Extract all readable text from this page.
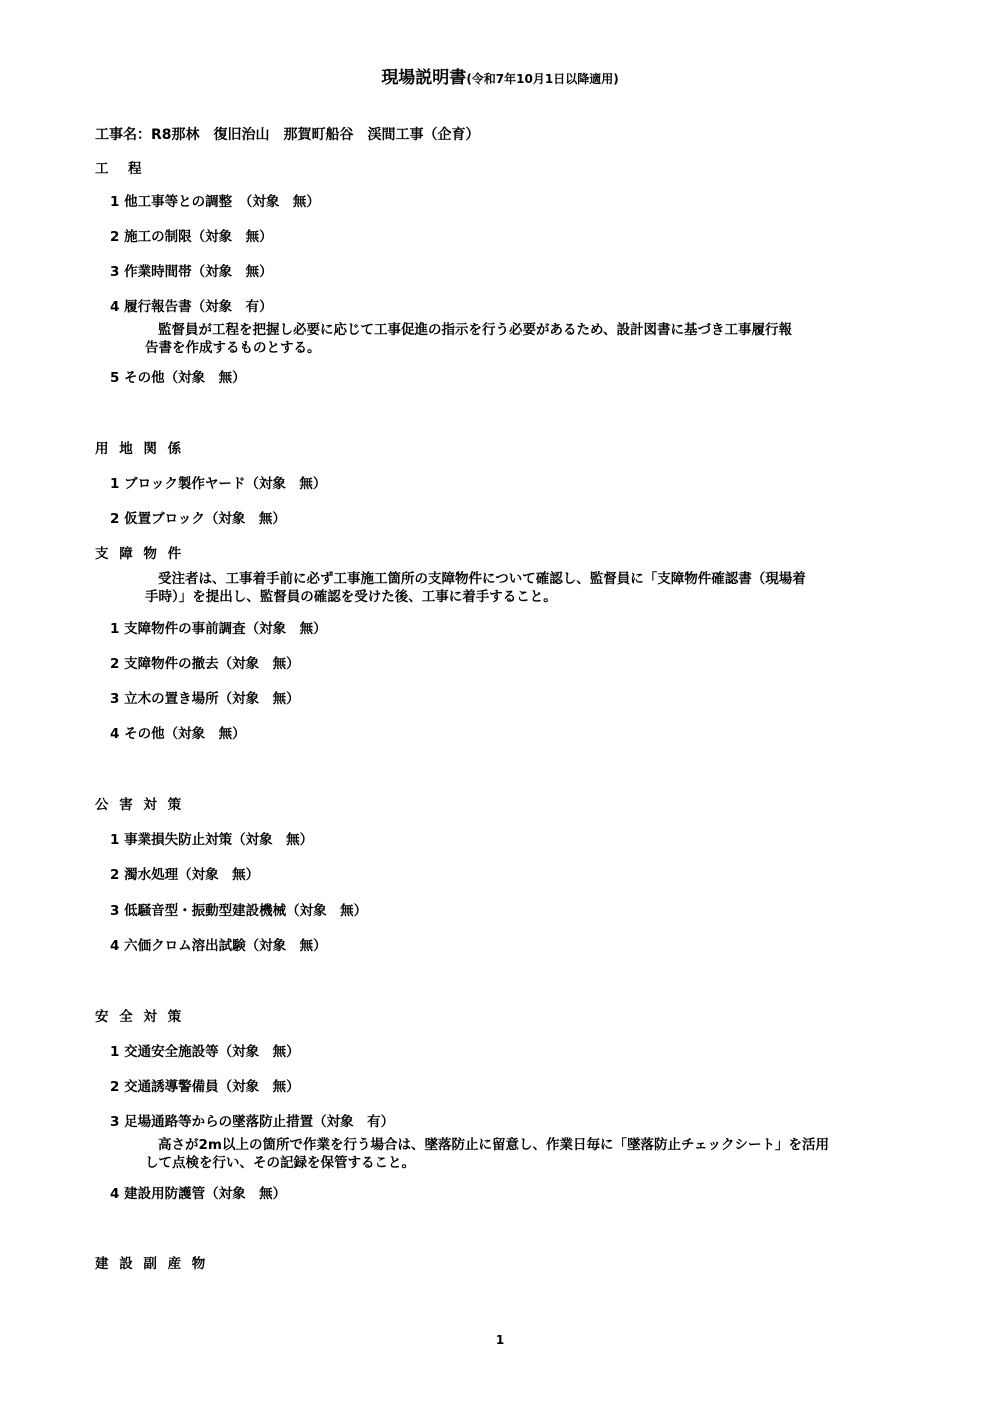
現場説明書(令和7年10月1日以降適用)
工事名：R8那林　復旧治山　那賀町船谷　渓間工事（企育）
工　程
1 他工事等との調整　（対象　無）
2 施工の制限（対象　無）
3 作業時間帯（対象　無）
4 履行報告書（対象　有）
監督員が工程を把握し必要に応じて工事促進の指示を行う必要があるため、設計図書に基づき工事履行報
告書を作成するものとする。
5 その他（対象　無）
用 地 関 係
1 ブロック製作ヤード（対象　無）
2 仮置ブロック（対象　無）
支 障 物 件
受注者は、工事着手前に必ず工事施工箇所の支障物件について確認し、監督員に「支障物件確認書（現場着
手時）」を提出し、監督員の確認を受けた後、工事に着手すること。
1 支障物件の事前調査（対象　無）
2 支障物件の撤去（対象　無）
3 立木の置き場所（対象　無）
4 その他（対象　無）
公 害 対 策
1 事業損失防止対策（対象　無）
2 濁水処理（対象　無）
3 低騒音型・振動型建設機械（対象　無）
4 六価クロム溶出試験（対象　無）
安 全 対 策
1 交通安全施設等（対象　無）
2 交通誘導警備員（対象　無）
3 足場通路等からの墜落防止措置（対象　有）
高さが2m以上の箇所で作業を行う場合は、墜落防止に留意し、作業日毎に「墜落防止チェックシート」を活用
して点検を行い、その記録を保管すること。
4 建設用防護管（対象　無）
建 設 副 産 物
1
